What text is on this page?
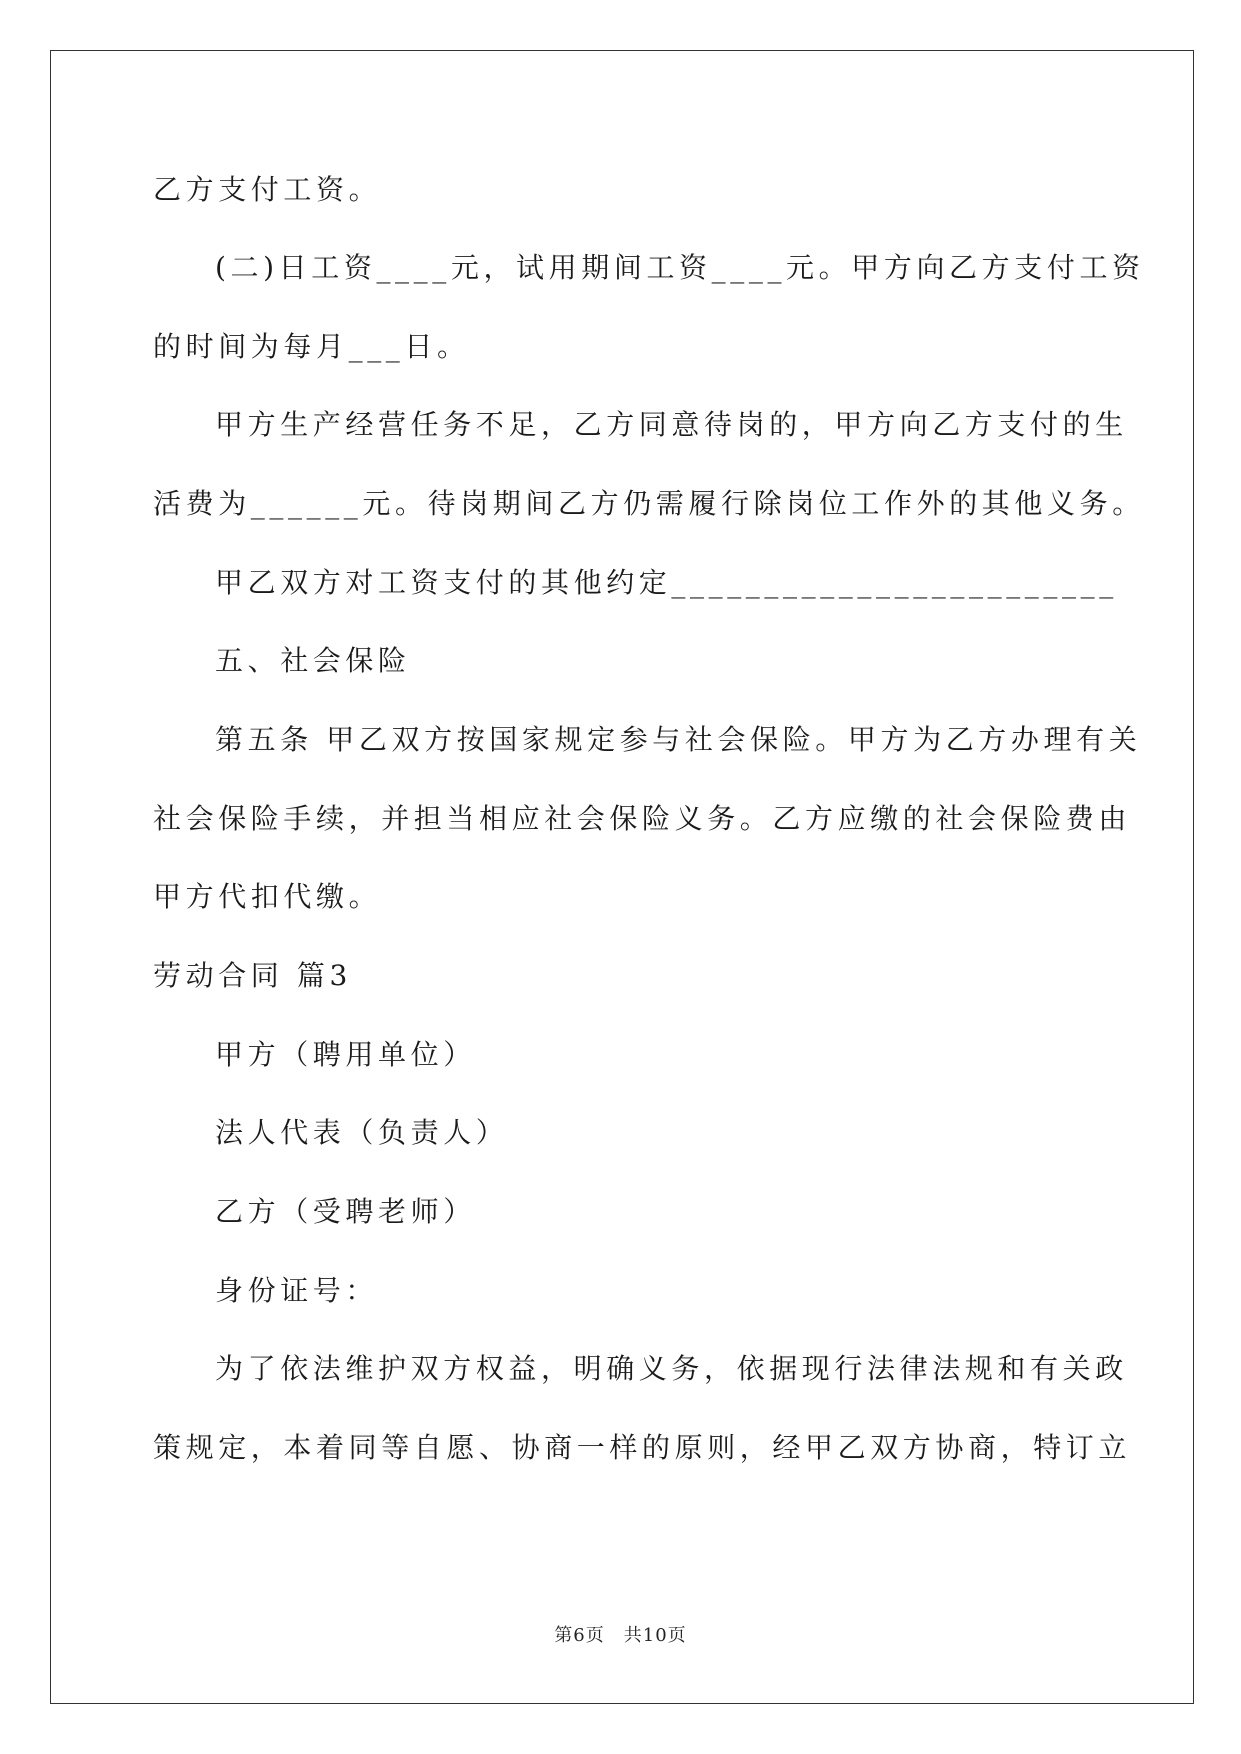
乙方支付工资。
(二)日工资____元，试用期间工资____元。甲方向乙方支付工资
的时间为每月___日。
甲方生产经营任务不足，乙方同意待岗的，甲方向乙方支付的生
活费为______元。待岗期间乙方仍需履行除岗位工作外的其他义务。
甲乙双方对工资支付的其他约定________________________
五、社会保险
第五条 甲乙双方按国家规定参与社会保险。甲方为乙方办理有关
社会保险手续，并担当相应社会保险义务。乙方应缴的社会保险费由
甲方代扣代缴。
劳动合同 篇3
甲方（聘用单位）
法人代表（负责人）
乙方（受聘老师）
身份证号：
为了依法维护双方权益，明确义务，依据现行法律法规和有关政
策规定，本着同等自愿、协商一样的原则，经甲乙双方协商，特订立
第6页　共10页
